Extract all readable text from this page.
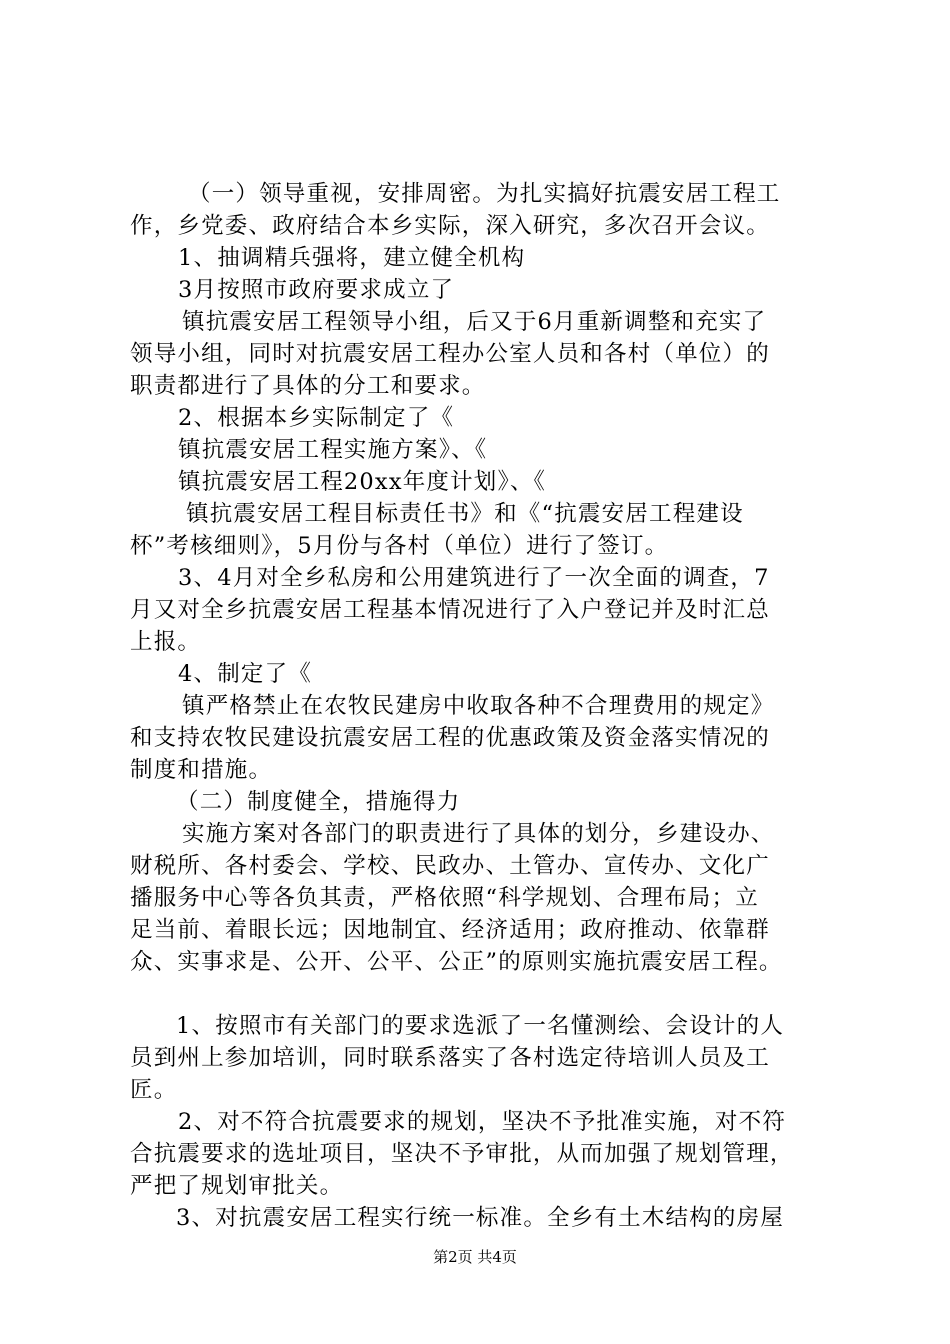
（一）领导重视，安排周密。为扎实搞好抗震安居工程工
作，乡党委、政府结合本乡实际，深入研究，多次召开会议。
1、抽调精兵强将，建立健全机构
3月按照市政府要求成立了
镇抗震安居工程领导小组，后又于6月重新调整和充实了
领导小组，同时对抗震安居工程办公室人员和各村（单位）的
职责都进行了具体的分工和要求。
2、根据本乡实际制定了《
镇抗震安居工程实施方案》、《
镇抗震安居工程20xx年度计划》、《
镇抗震安居工程目标责任书》和《“抗震安居工程建设
杯”考核细则》，5月份与各村（单位）进行了签订。
3、4月对全乡私房和公用建筑进行了一次全面的调查，7
月又对全乡抗震安居工程基本情况进行了入户登记并及时汇总
上报。
4、制定了《
镇严格禁止在农牧民建房中收取各种不合理费用的规定》
和支持农牧民建设抗震安居工程的优惠政策及资金落实情况的
制度和措施。
（二）制度健全，措施得力
实施方案对各部门的职责进行了具体的划分，乡建设办、
财税所、各村委会、学校、民政办、土管办、宣传办、文化广
播服务中心等各负其责，严格依照“科学规划、合理布局；立
足当前、着眼长远；因地制宜、经济适用；政府推动、依靠群
众、实事求是、公开、公平、公正”的原则实施抗震安居工程。
1、按照市有关部门的要求选派了一名懂测绘、会设计的人
员到州上参加培训，同时联系落实了各村选定待培训人员及工
匠。
2、对不符合抗震要求的规划，坚决不予批准实施，对不符
合抗震要求的选址项目，坚决不予审批，从而加强了规划管理，
严把了规划审批关。
3、对抗震安居工程实行统一标准。全乡有土木结构的房屋
第2页 共4页
